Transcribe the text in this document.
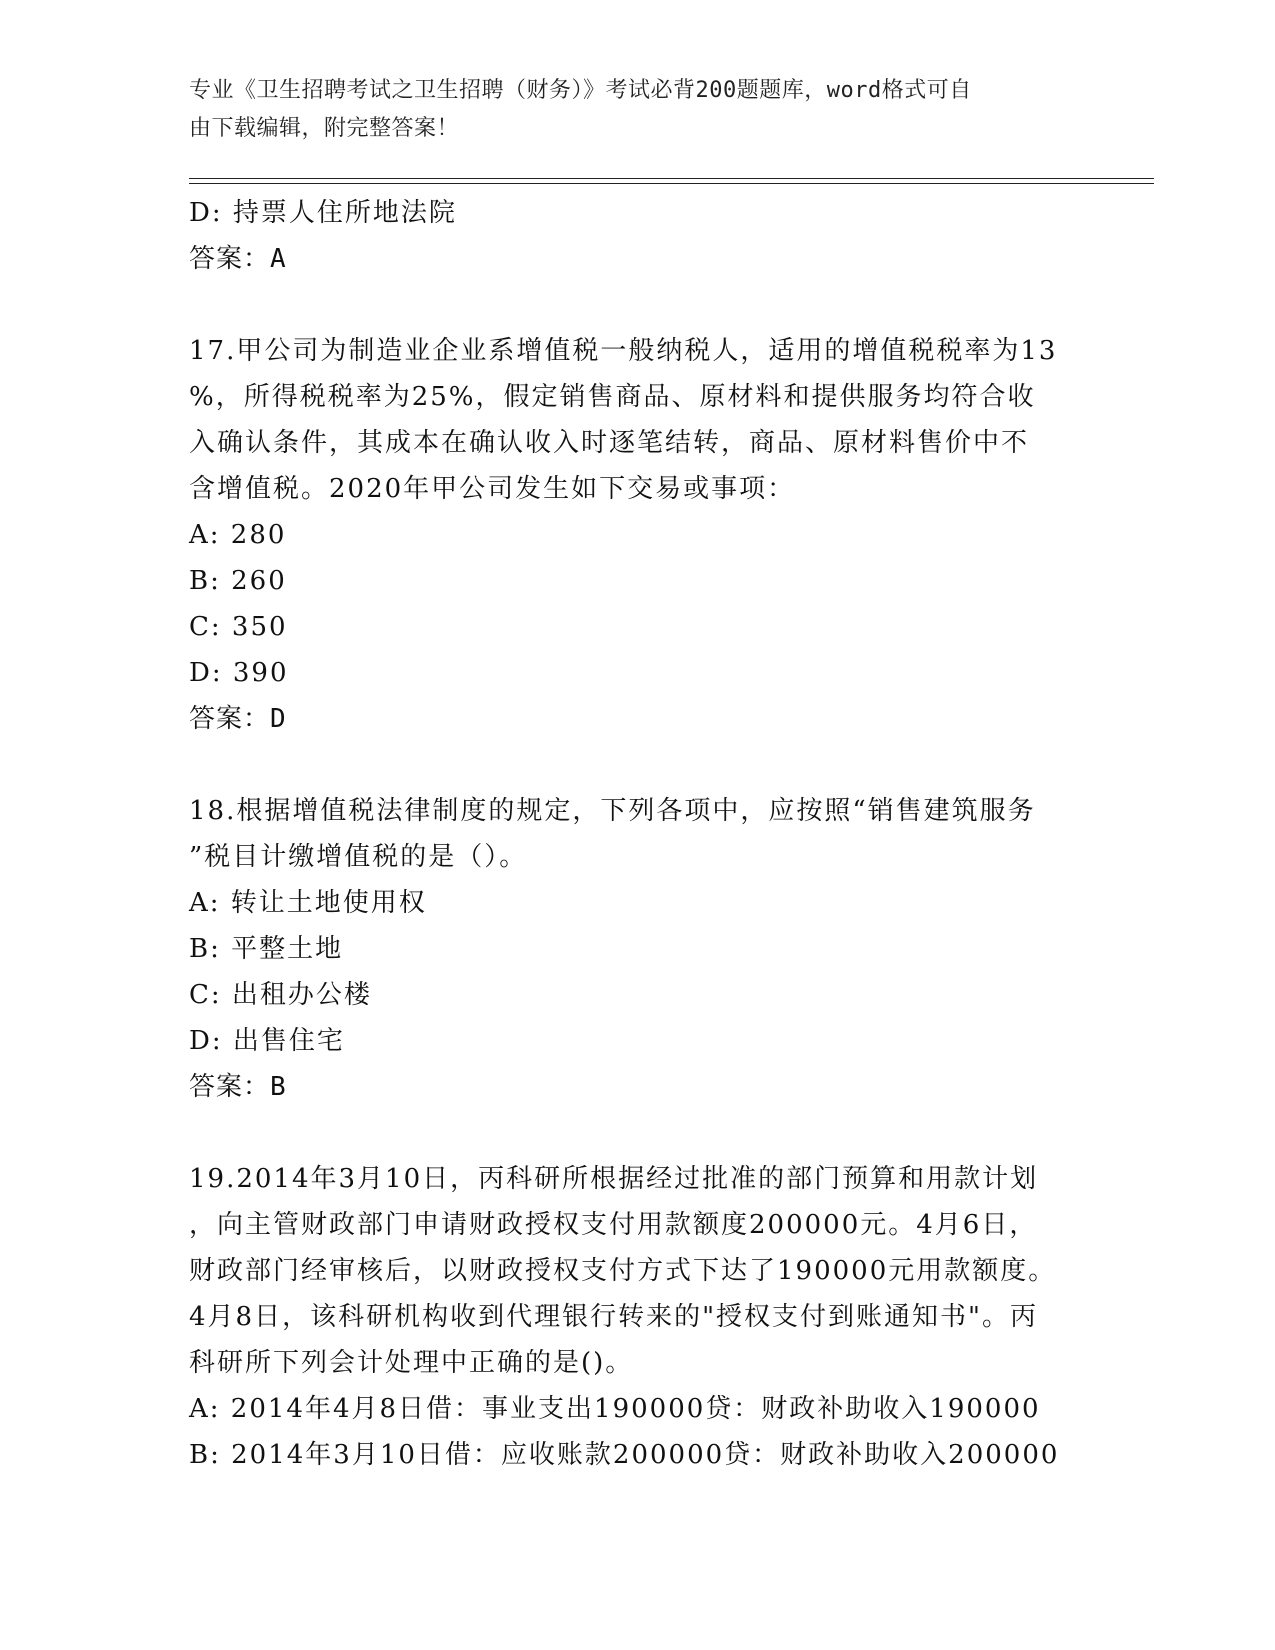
专业《卫生招聘考试之卫生招聘（财务）》考试必背200题题库，word格式可自
由下载编辑，附完整答案！
D: 持票人住所地法院
答案：A
17.甲公司为制造业企业系增值税一般纳税人，适用的增值税税率为13
%，所得税税率为25%，假定销售商品、原材料和提供服务均符合收
入确认条件，其成本在确认收入时逐笔结转，商品、原材料售价中不
含增值税。2020年甲公司发生如下交易或事项：
A: 280
B: 260
C: 350
D: 390
答案：D
18.根据增值税法律制度的规定，下列各项中，应按照“销售建筑服务
”税目计缴增值税的是（）。
A: 转让土地使用权
B: 平整土地
C: 出租办公楼
D: 出售住宅
答案：B
19.2014年3月10日，丙科研所根据经过批准的部门预算和用款计划
，向主管财政部门申请财政授权支付用款额度200000元。4月6日，
财政部门经审核后，以财政授权支付方式下达了190000元用款额度。
4月8日，该科研机构收到代理银行转来的"授权支付到账通知书"。丙
科研所下列会计处理中正确的是()。
A: 2014年4月8日借：事业支出190000贷：财政补助收入190000
B: 2014年3月10日借：应收账款200000贷：财政补助收入200000
